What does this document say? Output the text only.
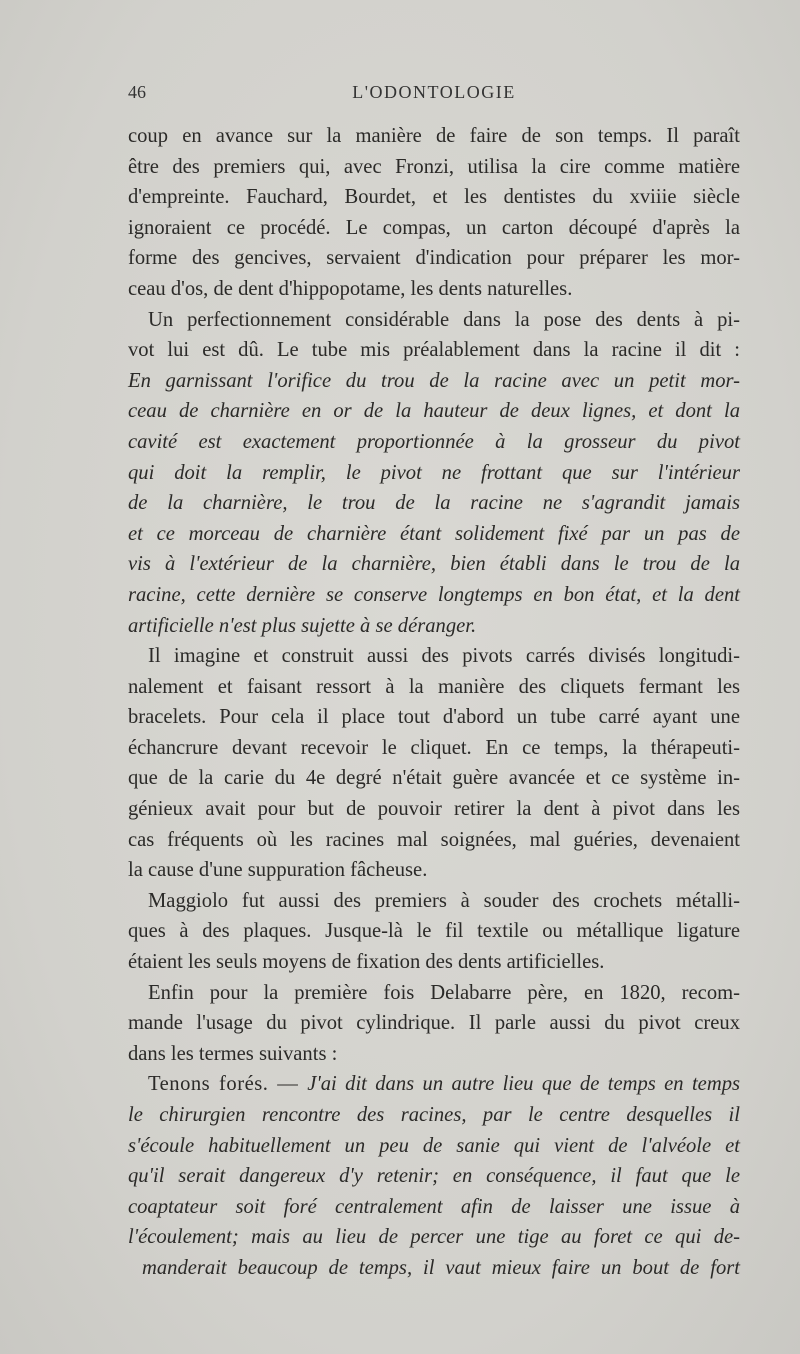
46	L'ODONTOLOGIE
coup en avance sur la manière de faire de son temps. Il paraît
être des premiers qui, avec Fronzi, utilisa la cire comme matière
d'empreinte. Fauchard, Bourdet, et les dentistes du xviiie siècle
ignoraient ce procédé. Le compas, un carton découpé d'après la
forme des gencives, servaient d'indication pour préparer les mor-
ceau d'os, de dent d'hippopotame, les dents naturelles.
Un perfectionnement considérable dans la pose des dents à pi-
vot lui est dû. Le tube mis préalablement dans la racine il dit :
En garnissant l'orifice du trou de la racine avec un petit mor-
ceau de charnière en or de la hauteur de deux lignes, et dont la
cavité est exactement proportionnée à la grosseur du pivot
qui doit la remplir, le pivot ne frottant que sur l'intérieur
de la charnière, le trou de la racine ne s'agrandit jamais
et ce morceau de charnière étant solidement fixé par un pas de
vis à l'extérieur de la charnière, bien établi dans le trou de la
racine, cette dernière se conserve longtemps en bon état, et la dent
artificielle n'est plus sujette à se déranger.
Il imagine et construit aussi des pivots carrés divisés longitudi-
nalement et faisant ressort à la manière des cliquets fermant les
bracelets. Pour cela il place tout d'abord un tube carré ayant une
échancrure devant recevoir le cliquet. En ce temps, la thérapeuti-
que de la carie du 4e degré n'était guère avancée et ce système in-
génieux avait pour but de pouvoir retirer la dent à pivot dans les
cas fréquents où les racines mal soignées, mal guéries, devenaient
la cause d'une suppuration fâcheuse.
Maggiolo fut aussi des premiers à souder des crochets métalli-
ques à des plaques. Jusque-là le fil textile ou métallique ligature
étaient les seuls moyens de fixation des dents artificielles.
Enfin pour la première fois Delabarre père, en 1820, recom-
mande l'usage du pivot cylindrique. Il parle aussi du pivot creux
dans les termes suivants :
Tenons forés. — J'ai dit dans un autre lieu que de temps en temps
le chirurgien rencontre des racines, par le centre desquelles il
s'écoule habituellement un peu de sanie qui vient de l'alvéole et
qu'il serait dangereux d'y retenir; en conséquence, il faut que le
coaptateur soit foré centralement afin de laisser une issue à
l'écoulement; mais au lieu de percer une tige au foret ce qui de-
manderait beaucoup de temps, il vaut mieux faire un bout de fort
